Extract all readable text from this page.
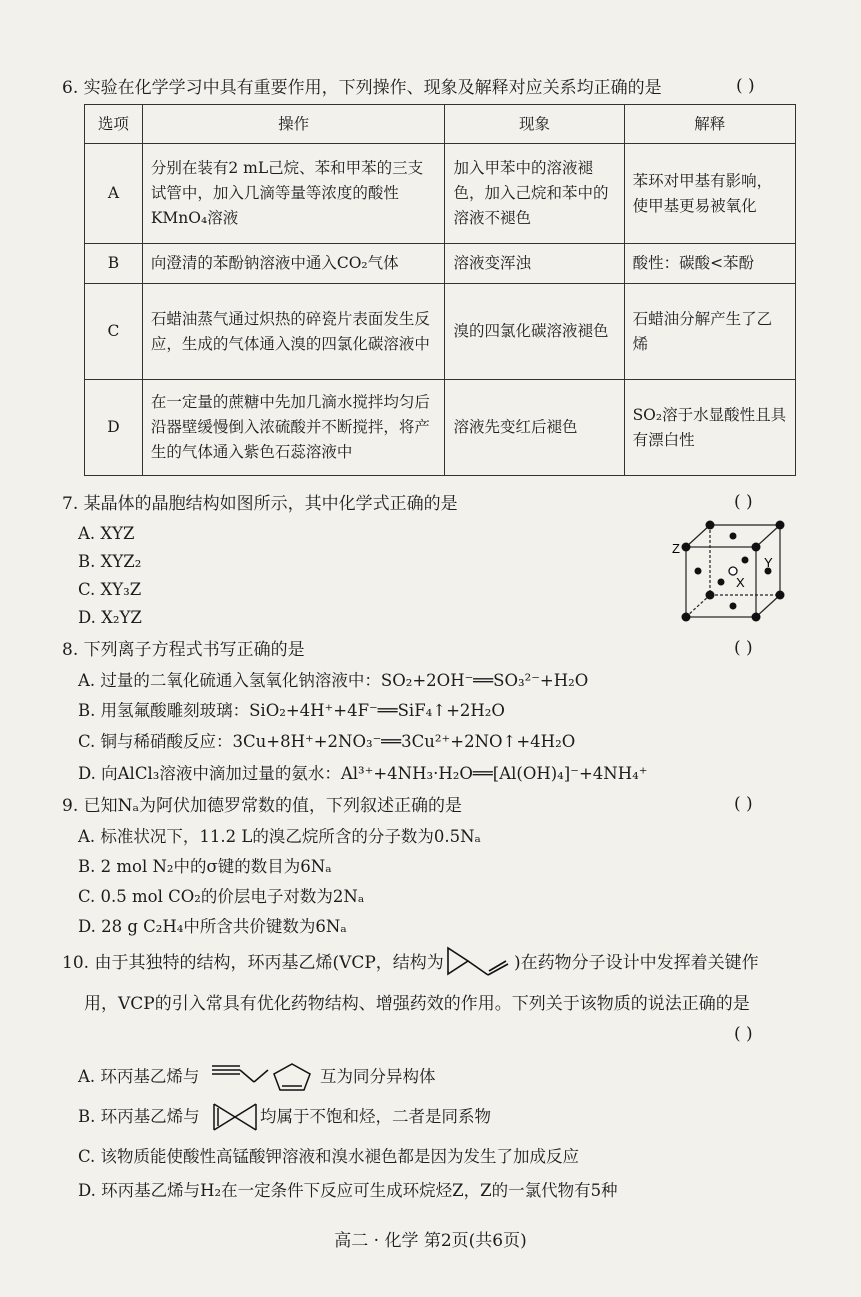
6. 实验在化学学习中具有重要作用，下列操作、现象及解释对应关系均正确的是	( )
选项	操作	现象	解释
A	分别在装有2 mL己烷、苯和甲苯的三支试管中，加入几滴等量等浓度的酸性KMnO₄溶液	加入甲苯中的溶液褪色，加入己烷和苯中的溶液不褪色	苯环对甲基有影响，使甲基更易被氧化
B	向澄清的苯酚钠溶液中通入CO₂气体	溶液变浑浊	酸性：碳酸<苯酚
C	石蜡油蒸气通过炽热的碎瓷片表面发生反应，生成的气体通入溴的四氯化碳溶液中	溴的四氯化碳溶液褪色	石蜡油分解产生了乙烯
D	在一定量的蔗糖中先加几滴水搅拌均匀后沿器壁缓慢倒入浓硫酸并不断搅拌，将产生的气体通入紫色石蕊溶液中	溶液先变红后褪色	SO₂溶于水显酸性且具有漂白性
7. 某晶体的晶胞结构如图所示，其中化学式正确的是	( )
A. XYZ
B. XYZ₂
C. XY₃Z
D. X₂YZ
Z
Y
X
8. 下列离子方程式书写正确的是	( )
A. 过量的二氧化硫通入氢氧化钠溶液中：SO₂+2OH⁻══SO₃²⁻+H₂O
B. 用氢氟酸雕刻玻璃：SiO₂+4H⁺+4F⁻══SiF₄↑+2H₂O
C. 铜与稀硝酸反应：3Cu+8H⁺+2NO₃⁻══3Cu²⁺+2NO↑+4H₂O
D. 向AlCl₃溶液中滴加过量的氨水：Al³⁺+4NH₃·H₂O══[Al(OH)₄]⁻+4NH₄⁺
9. 已知Nₐ为阿伏加德罗常数的值，下列叙述正确的是	( )
A. 标准状况下，11.2 L的溴乙烷所含的分子数为0.5Nₐ
B. 2 mol N₂中的σ键的数目为6Nₐ
C. 0.5 mol CO₂的价层电子对数为2Nₐ
D. 28 g C₂H₄中所含共价键数为6Nₐ
10. 由于其独特的结构，环丙基乙烯(VCP，结构为	)在药物分子设计中发挥着关键作
用，VCP的引入常具有优化药物结构、增强药效的作用。下列关于该物质的说法正确的是
( )
A. 环丙基乙烯与	互为同分异构体
B. 环丙基乙烯与	均属于不饱和烃，二者是同系物
C. 该物质能使酸性高锰酸钾溶液和溴水褪色都是因为发生了加成反应
D. 环丙基乙烯与H₂在一定条件下反应可生成环烷烃Z，Z的一氯代物有5种
高二 · 化学 第2页(共6页)
